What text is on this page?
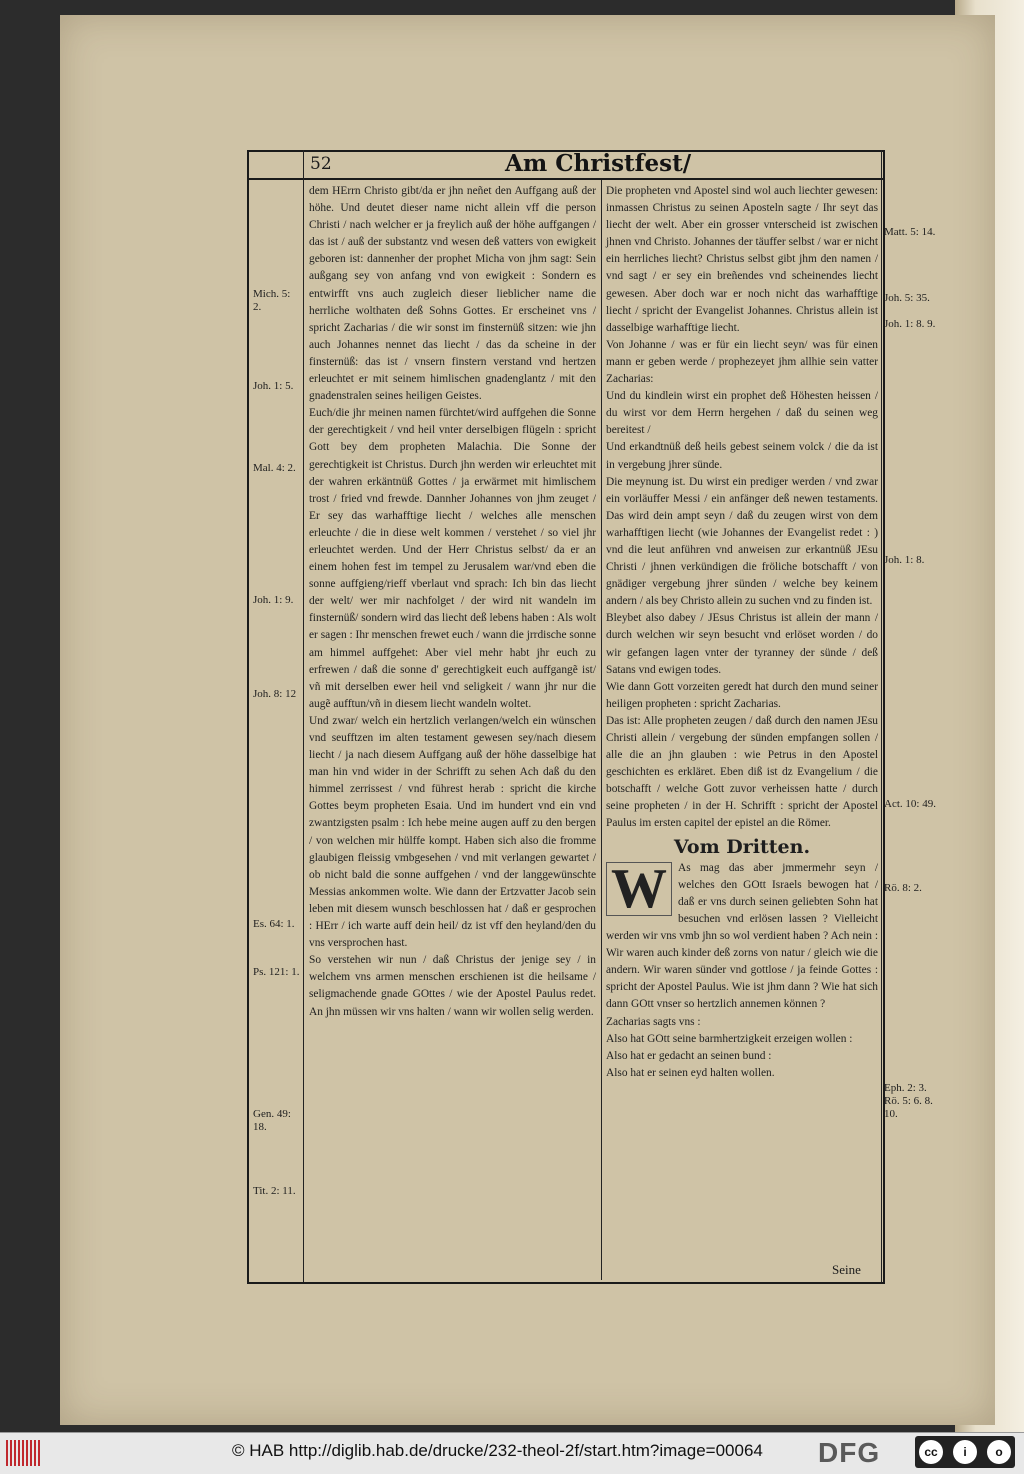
52	Am Christfest/

dem HErrn Christo gibt/da er jhn neñet den Auffgang auß der höhe. Und deutet dieser name nicht allein vff die person Christi / nach welcher er ja freylich auß der höhe auffgangen / das ist / auß der substantz vnd wesen deß vatters von ewigkeit geboren ist: dannenher der prophet Micha von jhm sagt: Sein außgang sey von anfang vnd von ewigkeit : Sondern es entwirfft vns auch zugleich dieser lieblicher name die herrliche wolthaten deß Sohns Gottes. Er erscheinet vns / spricht Zacharias / die wir sonst im finsternüß sitzen: wie jhn auch Johannes nennet das liecht / das da scheine in der finsternüß: das ist / vnsern finstern verstand vnd hertzen erleuchtet er mit seinem himlischen gnadenglantz / mit den gnadenstralen seines heiligen Geistes.

Euch/die jhr meinen namen fürchtet/wird auffgehen die Sonne der gerechtigkeit / vnd heil vnter derselbigen flügeln : spricht Gott bey dem propheten Malachia. Die Sonne der gerechtigkeit ist Christus. Durch jhn werden wir erleuchtet mit der wahren erkäntnüß Gottes / ja erwärmet mit himlischem trost / fried vnd frewde. Dannher Johannes von jhm zeuget / Er sey das warhafftige liecht / welches alle menschen erleuchte / die in diese welt kommen / verstehet / so viel jhr erleuchtet werden. Und der Herr Christus selbst/ da er an einem hohen fest im tempel zu Jerusalem war/vnd eben die sonne auffgieng/rieff vberlaut vnd sprach: Ich bin das liecht der welt/ wer mir nachfolget / der wird nit wandeln im finsternüß/ sondern wird das liecht deß lebens haben : Als wolt er sagen : Ihr menschen frewet euch / wann die jrrdische sonne am himmel auffgehet: Aber viel mehr habt jhr euch zu erfrewen / daß die sonne d' gerechtigkeit euch auffgangẽ ist/ vñ mit derselben ewer heil vnd seligkeit / wann jhr nur die augẽ aufftun/vñ in diesem liecht wandeln woltet.

Und zwar/ welch ein hertzlich verlangen/welch ein wünschen vnd seufftzen im alten testament gewesen sey/nach diesem liecht / ja nach diesem Auffgang auß der höhe dasselbige hat man hin vnd wider in der Schrifft zu sehen Ach daß du den himmel zerrissest / vnd führest herab : spricht die kirche Gottes beym propheten Esaia. Und im hundert vnd ein vnd zwantzigsten psalm : Ich hebe meine augen auff zu den bergen / von welchen mir hülffe kompt. Haben sich also die fromme glaubigen fleissig vmbgesehen / vnd mit verlangen gewartet / ob nicht bald die sonne auffgehen / vnd der langgewünschte Messias ankommen wolte. Wie dann der Ertzvatter Jacob sein leben mit diesem wunsch beschlossen hat / daß er gesprochen : HErr / ich warte auff dein heil/ dz ist vff den heyland/den du vns versprochen hast.

So verstehen wir nun / daß Christus der jenige sey / in welchem vns armen menschen erschienen ist die heilsame / seligmachende gnade GOttes / wie der Apostel Paulus redet. An jhn müssen wir vns halten / wann wir wollen selig werden.

Die propheten vnd Apostel sind wol auch liechter gewesen: inmassen Christus zu seinen Aposteln sagte / Ihr seyt das liecht der welt. Aber ein grosser vnterscheid ist zwischen jhnen vnd Christo. Johannes der täuffer selbst / war er nicht ein herrliches liecht? Christus selbst gibt jhm den namen / vnd sagt / er sey ein breñendes vnd scheinendes liecht gewesen. Aber doch war er noch nicht das warhafftige liecht / spricht der Evangelist Johannes. Christus allein ist dasselbige warhafftige liecht.

Von Johanne / was er für ein liecht seyn/ was für einen mann er geben werde / prophezeyet jhm allhie sein vatter Zacharias:

Und du kindlein wirst ein prophet deß Höhesten heissen / du wirst vor dem Herrn hergehen / daß du seinen weg bereitest /

Und erkandtnüß deß heils gebest seinem volck / die da ist in vergebung jhrer sünde.

Die meynung ist. Du wirst ein prediger werden / vnd zwar ein vorläuffer Messi / ein anfänger deß newen testaments. Das wird dein ampt seyn / daß du zeugen wirst von dem warhafftigen liecht (wie Johannes der Evangelist redet : ) vnd die leut anführen vnd anweisen zur erkantnüß JEsu Christi / jhnen verkündigen die fröliche botschafft / von gnädiger vergebung jhrer sünden / welche bey keinem andern / als bey Christo allein zu suchen vnd zu finden ist.

Bleybet also dabey / JEsus Christus ist allein der mann / durch welchen wir seyn besucht vnd erlöset worden / do wir gefangen lagen vnter der tyranney der sünde / deß Satans vnd ewigen todes.

Wie dann Gott vorzeiten geredt hat durch den mund seiner heiligen propheten : spricht Zacharias.

Das ist: Alle propheten zeugen / daß durch den namen JEsu Christi allein / vergebung der sünden empfangen sollen / alle die an jhn glauben : wie Petrus in den Apostel geschichten es erkläret. Eben diß ist dz Evangelium / die botschafft / welche Gott zuvor verheissen hatte / durch seine propheten / in der H. Schrifft : spricht der Apostel Paulus im ersten capitel der epistel an die Römer.

Vom Dritten.

W As mag das aber jmmermehr seyn / welches den GOtt Israels bewogen hat / daß er vns durch seinen geliebten Sohn hat besuchen vnd erlösen lassen ? Vielleicht werden wir vns vmb jhn so wol verdient haben ? Ach nein : Wir waren auch kinder deß zorns von natur / gleich wie die andern. Wir waren sünder vnd gottlose / ja feinde Gottes : spricht der Apostel Paulus. Wie ist jhm dann ? Wie hat sich dann GOtt vnser so hertzlich annemen können ?

Zacharias sagts vns :

Also hat GOtt seine barmhertzigkeit erzeigen wollen :

Also hat er gedacht an seinen bund :

Also hat er seinen eyd halten wollen.

Mich. 5: 2.
Joh. 1: 5.
Mal. 4: 2.
Joh. 1: 9.
Joh. 8: 12
Es. 64: 1.
Ps. 121: 1.
Gen. 49: 18.
Tit. 2: 11.
Matt. 5: 14.
Joh. 5: 35.
Joh. 1: 8. 9.
Joh. 1: 8.
Act. 10: 49.
Rö. 8: 2.
Eph. 2: 3. Rö. 5: 6. 8. 10.
Seine
© HAB http://diglib.hab.de/drucke/232-theol-2f/start.htm?image=00064 DFG	cc	i	o
